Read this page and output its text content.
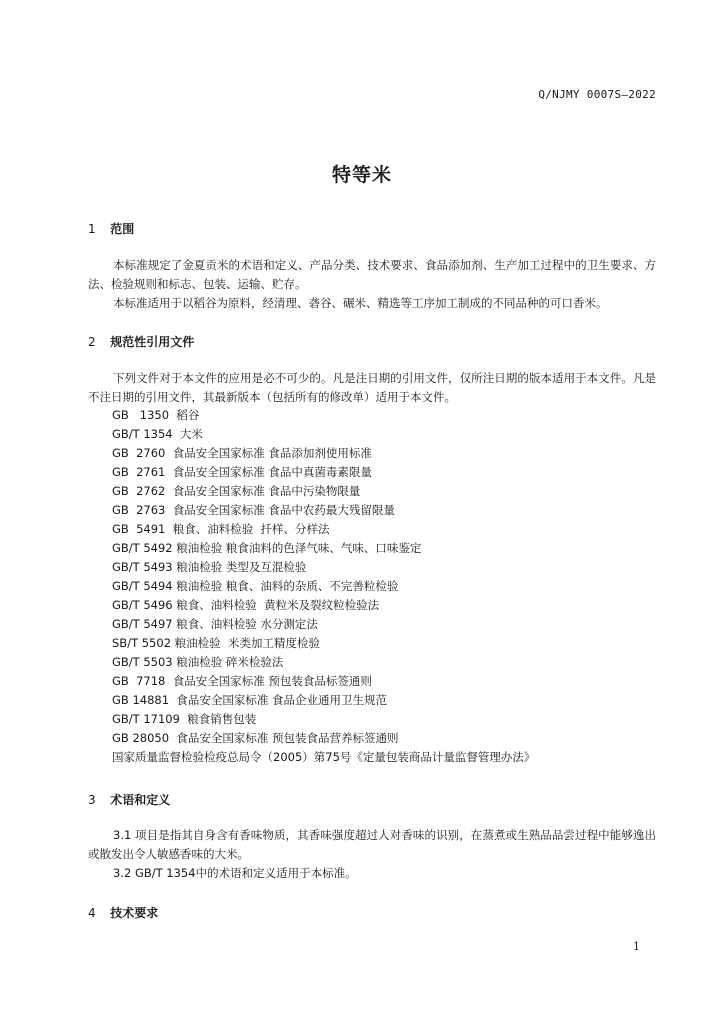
Q/NJMY 0007S—2022
特等米
1 范围

本标准规定了金夏贡米的术语和定义、产品分类、技术要求、食品添加剂、生产加工过程中的卫生要求、方法、检验规则和标志、包装、运输、贮存。

本标准适用于以稻谷为原料，经清理、砻谷、碾米、精选等工序加工制成的不同品种的可口香米。

2 规范性引用文件

下列文件对于本文件的应用是必不可少的。凡是注日期的引用文件，仅所注日期的版本适用于本文件。凡是不注日期的引用文件，其最新版本（包括所有的修改单）适用于本文件。

GB   1350  稻谷
GB/T 1354  大米
GB  2760  食品安全国家标准 食品添加剂使用标准
GB  2761  食品安全国家标准 食品中真菌毒素限量
GB  2762  食品安全国家标准 食品中污染物限量
GB  2763  食品安全国家标准 食品中农药最大残留限量
GB  5491  粮食、油料检验  扦样、分样法
GB/T 5492 粮油检验 粮食油料的色泽气味、气味、口味鉴定
GB/T 5493 粮油检验 类型及互混检验
GB/T 5494 粮油检验 粮食、油料的杂质、不完善粒检验
GB/T 5496 粮食、油料检验  黄粒米及裂纹粒检验法
GB/T 5497 粮食、油料检验 水分测定法
SB/T 5502 粮油检验  米类加工精度检验
GB/T 5503 粮油检验 碎米检验法
GB  7718  食品安全国家标准 预包装食品标签通则
GB 14881  食品安全国家标准 食品企业通用卫生规范
GB/T 17109  粮食销售包装
GB 28050  食品安全国家标准 预包装食品营养标签通则
国家质量监督检验检疫总局令（2005）第75号《定量包装商品计量监督管理办法》
3 术语和定义

3.1 项目是指其自身含有香味物质，其香味强度超过人对香味的识别，在蒸煮或生熟品品尝过程中能够逸出或散发出令人敏感香味的大米。

3.2 GB/T 1354中的术语和定义适用于本标准。

4 技术要求
1
